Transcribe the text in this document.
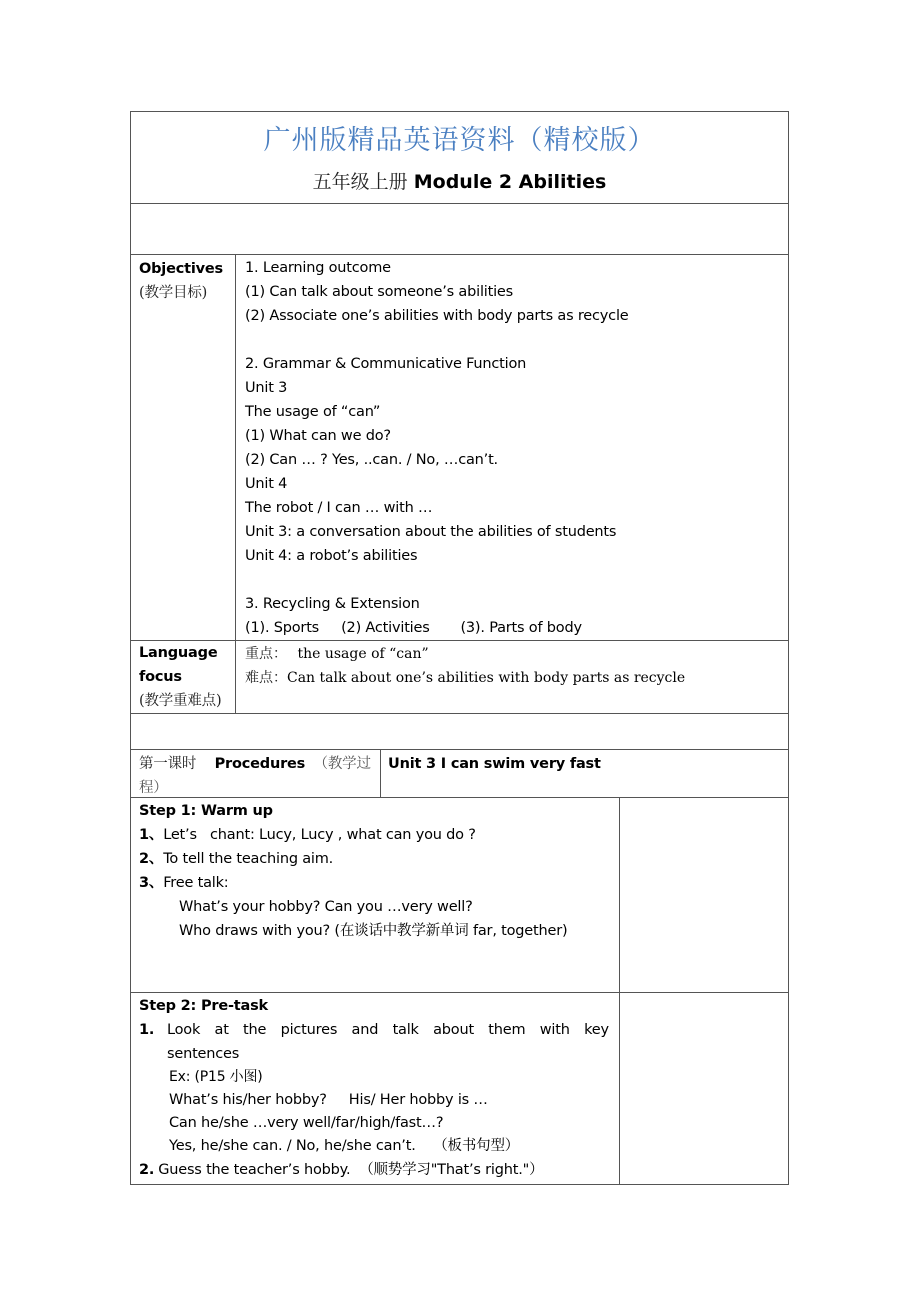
广州版精品英语资料（精校版）
五年级上册 Module 2 Abilities
Objectives
(教学目标)
1. Learning outcome
(1) Can talk about someone’s abilities
(2) Associate one’s abilities with body parts as recycle
2. Grammar & Communicative Function
Unit 3
The usage of “can”
(1) What can we do?
(2) Can … ? Yes, ..can. / No, …can’t.
Unit 4
The robot / I can … with …
Unit 3: a conversation about the abilities of students
Unit 4: a robot’s abilities
3. Recycling & Extension
(1). Sports     (2) Activities       (3). Parts of body
Language
focus
(教学重难点)
重点： the usage of “can”
难点：Can talk about one’s abilities with body parts as recycle
第一课时 Procedures （教学过
程）
Unit 3 I can swim very fast
Step 1: Warm up
1、Let’s   chant: Lucy, Lucy , what can you do ?
2、To tell the teaching aim.
3、Free talk:
What’s your hobby? Can you …very well?
Who draws with you? (在谈话中教学新单词 far, together)
Step 2: Pre-task
1. Look at the pictures and talk about them with key
sentences
Ex: (P15 小图)
What’s his/her hobby?     His/ Her hobby is …
Can he/she …very well/far/high/fast…?
Yes, he/she can. / No, he/she can’t.    （板书句型）
2. Guess the teacher’s hobby.  （顺势学习"That’s right."）
